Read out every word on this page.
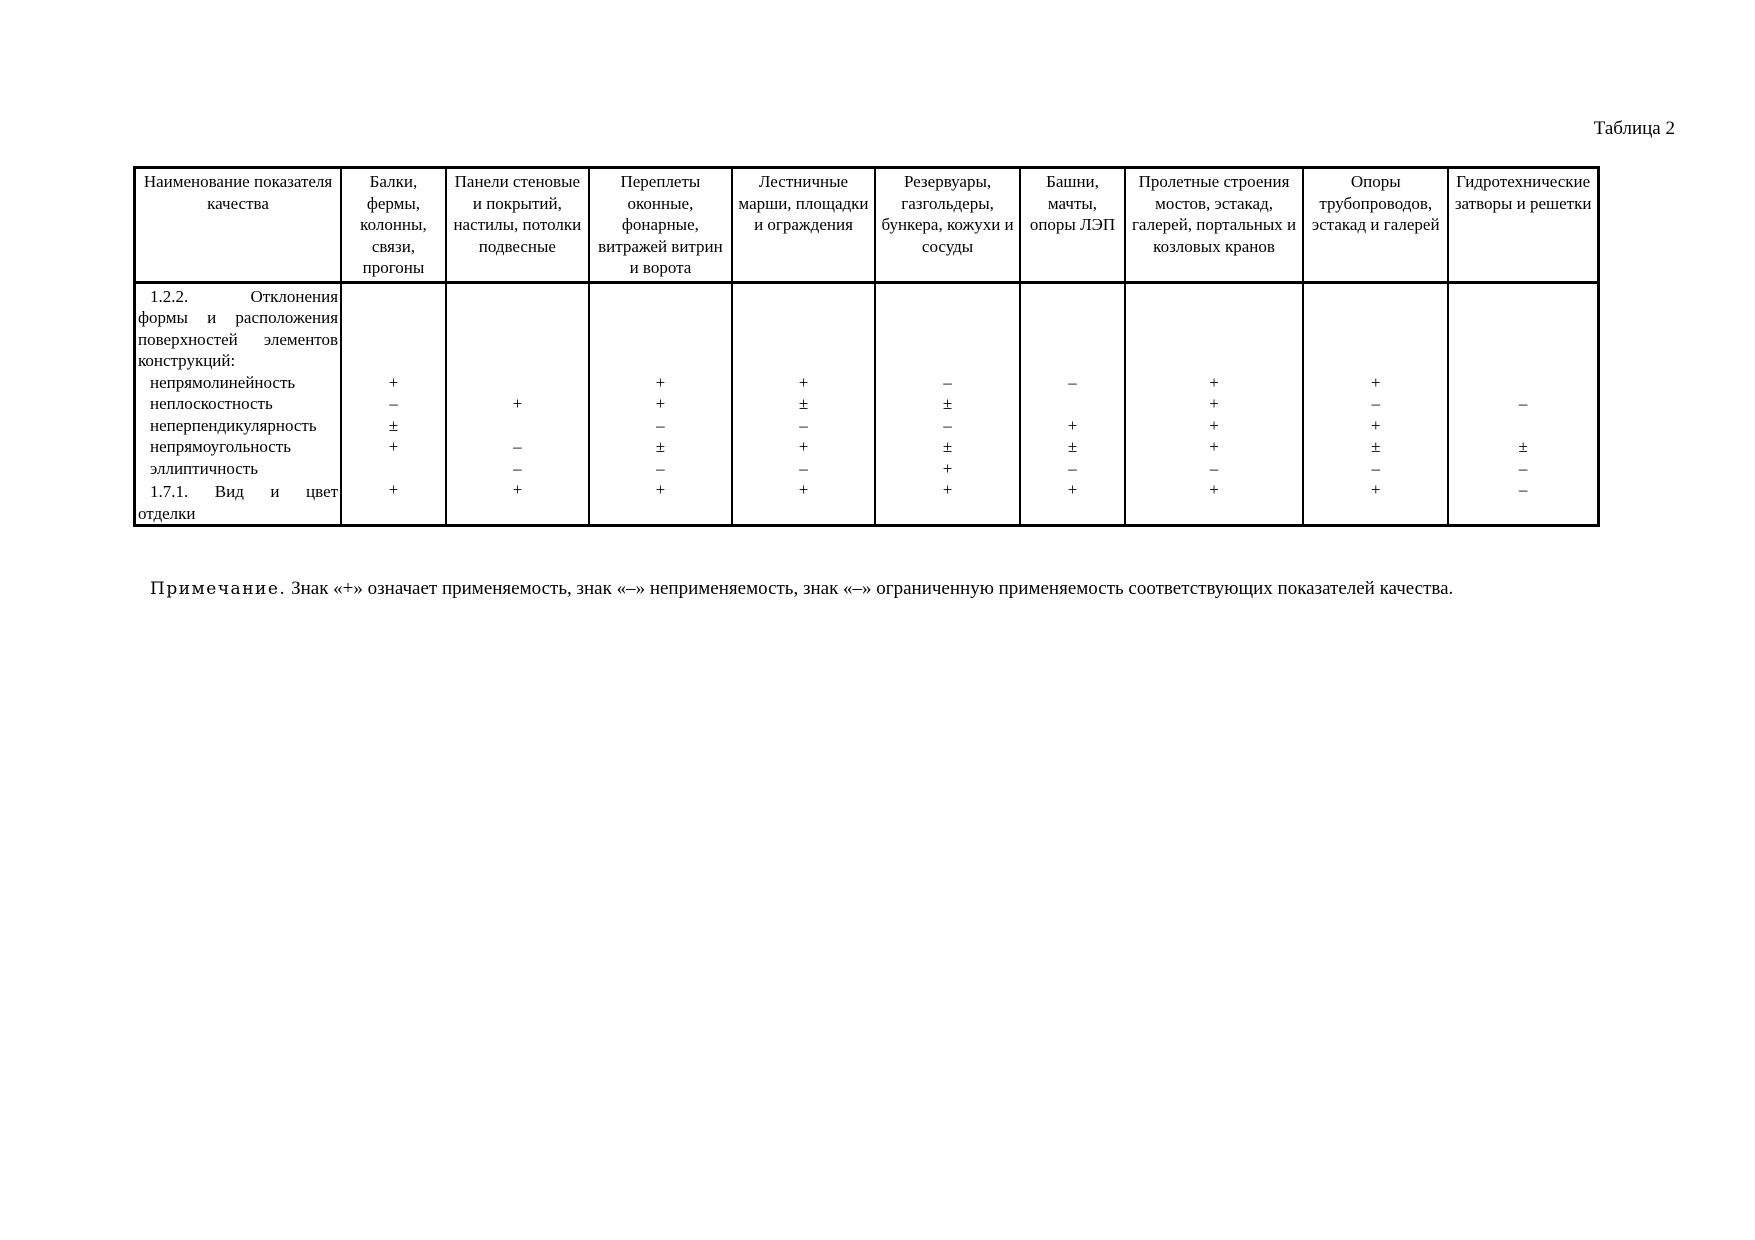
Таблица 2
Наименование показателя качества	Балки, фермы, колонны, связи, прогоны	Панели стеновые и покрытий, настилы, потолки подвесные	Переплеты оконные, фонарные, витражей витрин и ворота	Лестничные марши, площадки и ограждения	Резервуары, газгольдеры, бункера, кожухи и сосуды	Башни, мачты, опоры ЛЭП	Пролетные строения мостов, эстакад, галерей, портальных и козловых кранов	Опоры трубопроводов, эстакад и галерей	Гидротехнические затворы и решетки

1.2.2. Отклонения
формы и расположения
поверхностей элементов
конструкций:									

непрямолинейность	+		+	+	–	–	+	+	
неплоскостность	–	+	+	±	±		+	–	–
неперпендикулярность	±		–	–	–	+	+	+	
непрямоугольность	+	–	±	+	±	±	+	±	±
эллиптичность		–	–	–	+	–	–	–	–

1.7.1. Вид и цвет
отделки	+	+	+	+	+	+	+	+	–
Примечание. Знак «+» означает применяемость, знак «–» неприменяемость, знак «–» ограниченную применяемость соответствующих показателей качества.
